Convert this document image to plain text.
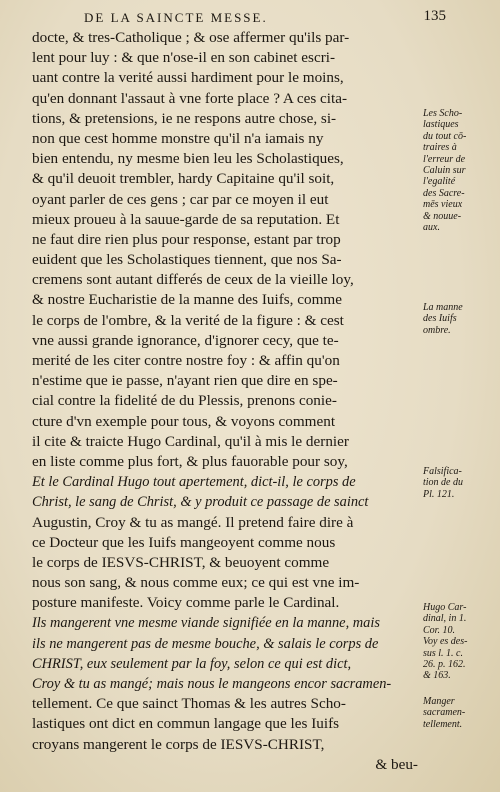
DE LA SAINCTE MESSE.	135
docte, & tres-Catholique ; & ose affermer qu'ils par-
lent pour luy : & que n'ose-il en son cabinet escri-
uant contre la verité aussi hardiment pour le moins,
qu'en donnant l'assaut à vne forte place ? A ces cita-
tions, & pretensions, ie ne respons autre chose, si-
non que cest homme monstre qu'il n'a iamais ny
bien entendu, ny mesme bien leu les Scholastiques,
& qu'il deuoit trembler, hardy Capitaine qu'il soit,
oyant parler de ces gens ; car par ce moyen il eut
mieux proueu à la sauue-garde de sa reputation. Et
ne faut dire rien plus pour response, estant par trop
euident que les Scholastiques tiennent, que nos Sa-
cremens sont autant differés de ceux de la vieille loy,
& nostre Eucharistie de la manne des Iuifs, comme
le corps de l'ombre, & la verité de la figure : & cest
vne aussi grande ignorance, d'ignorer cecy, que te-
merité de les citer contre nostre foy : & affin qu'on
n'estime que ie passe, n'ayant rien que dire en spe-
cial contre la fidelité de du Plessis, prenons conie-
cture d'vn exemple pour tous, & voyons comment
il cite & traicte Hugo Cardinal, qu'il à mis le dernier
en liste comme plus fort, & plus fauorable pour soy,
Et le Cardinal Hugo tout apertement, dict-il, le corps de
Christ, le sang de Christ, & y produit ce passage de sainct
Augustin, Croy & tu as mangé. Il pretend faire dire à
ce Docteur que les Iuifs mangeoyent comme nous
le corps de IESVS-CHRIST, & beuoyent comme
nous son sang, & nous comme eux; ce qui est vne im-
posture manifeste. Voicy comme parle le Cardinal.
Ils mangerent vne mesme viande signifiée en la manne, mais
ils ne mangerent pas de mesme bouche, & salais le corps de
CHRIST, eux seulement par la foy, selon ce qui est dict,
Croy & tu as mangé; mais nous le mangeons encor sacramen-
tellement. Ce que sainct Thomas & les autres Scho-
lastiques ont dict en commun langage que les Iuifs
croyans mangerent le corps de IESVS-CHRIST,
& beu-
Les Scho-
lastiques
du tout cō-
traires à
l'erreur de
Caluin sur
l'egalité
des Sacre-
mēs vieux
& nouue-
aux.
La manne
des Iuifs
ombre.
Falsifica-
tion de du
Pl. 121.
Hugo Car-
dinal, in 1.
Cor. 10.
Voy es des-
sus l. 1. c.
26. p. 162.
& 163.
Manger
sacramen-
tellement.
